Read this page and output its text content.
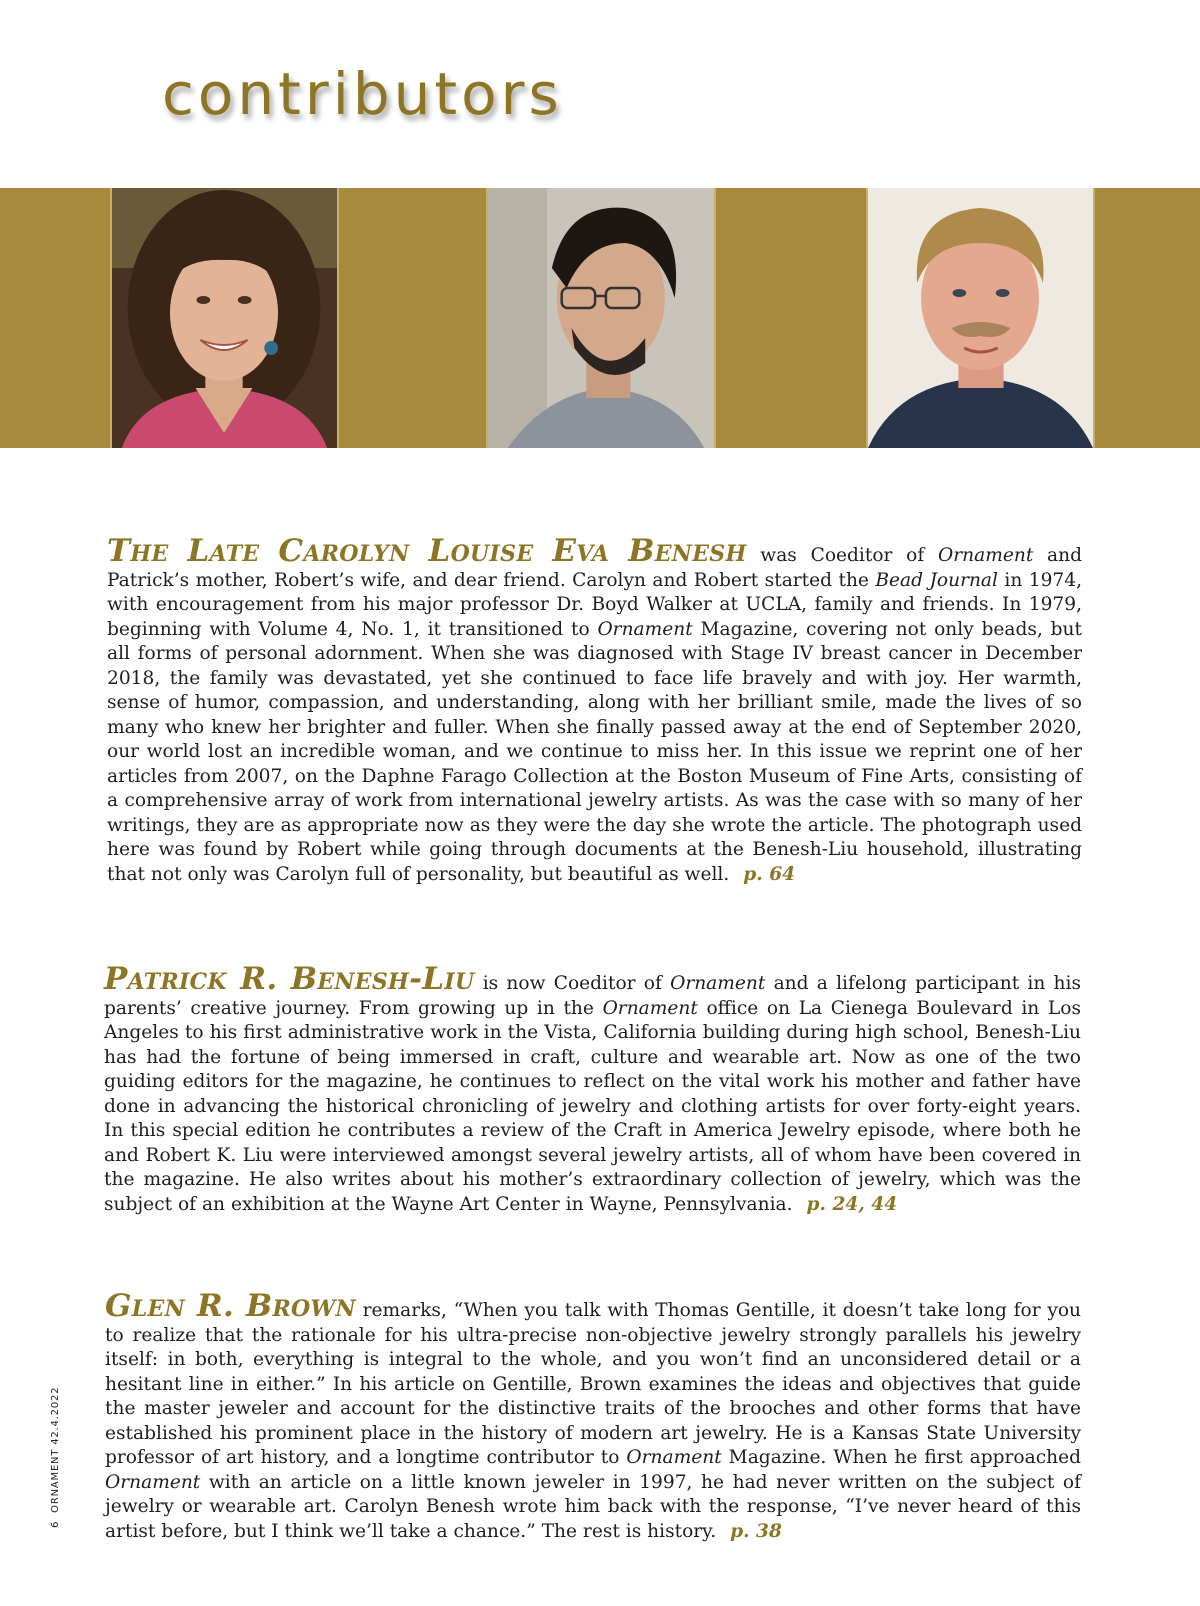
contributors

The Late Carolyn Louise Eva Benesh was Coeditor of Ornament and Patrick’s mother, Robert’s wife, and dear friend. Carolyn and Robert started the Bead Journal in 1974, with encouragement from his major professor Dr. Boyd Walker at UCLA, family and friends. In 1979, beginning with Volume 4, No. 1, it transitioned to Ornament Magazine, covering not only beads, but all forms of personal adornment. When she was diagnosed with Stage IV breast cancer in December 2018, the family was devastated, yet she continued to face life bravely and with joy. Her warmth, sense of humor, compassion, and understanding, along with her brilliant smile, made the lives of so many who knew her brighter and fuller. When she finally passed away at the end of September 2020, our world lost an incredible woman, and we continue to miss her. In this issue we reprint one of her articles from 2007, on the Daphne Farago Collection at the Boston Museum of Fine Arts, consisting of a comprehensive array of work from international jewelry artists. As was the case with so many of her writings, they are as appropriate now as they were the day she wrote the article. The photograph used here was found by Robert while going through documents at the Benesh-Liu household, illustrating that not only was Carolyn full of personality, but beautiful as well. p. 64

Patrick R. Benesh-Liu is now Coeditor of Ornament and a lifelong participant in his parents’ creative journey. From growing up in the Ornament office on La Cienega Boulevard in Los Angeles to his first administrative work in the Vista, California building during high school, Benesh-Liu has had the fortune of being immersed in craft, culture and wearable art. Now as one of the two guiding editors for the magazine, he continues to reflect on the vital work his mother and father have done in advancing the historical chronicling of jewelry and clothing artists for over forty-eight years. In this special edition he contributes a review of the Craft in America Jewelry episode, where both he and Robert K. Liu were interviewed amongst several jewelry artists, all of whom have been covered in the magazine. He also writes about his mother’s extraordinary collection of jewelry, which was the subject of an exhibition at the Wayne Art Center in Wayne, Pennsylvania. p. 24, 44

Glen R. Brown remarks, “When you talk with Thomas Gentille, it doesn’t take long for you to realize that the rationale for his ultra-precise non-objective jewelry strongly parallels his jewelry itself: in both, everything is integral to the whole, and you won’t find an unconsidered detail or a hesitant line in either.” In his article on Gentille, Brown examines the ideas and objectives that guide the master jeweler and account for the distinctive traits of the brooches and other forms that have established his prominent place in the history of modern art jewelry. He is a Kansas State University professor of art history, and a longtime contributor to Ornament Magazine. When he first approached Ornament with an article on a little known jeweler in 1997, he had never written on the subject of jewelry or wearable art. Carolyn Benesh wrote him back with the response, “I’ve never heard of this artist before, but I think we’ll take a chance.” The rest is history. p. 38

6ORNAMENT 42.4.2022
